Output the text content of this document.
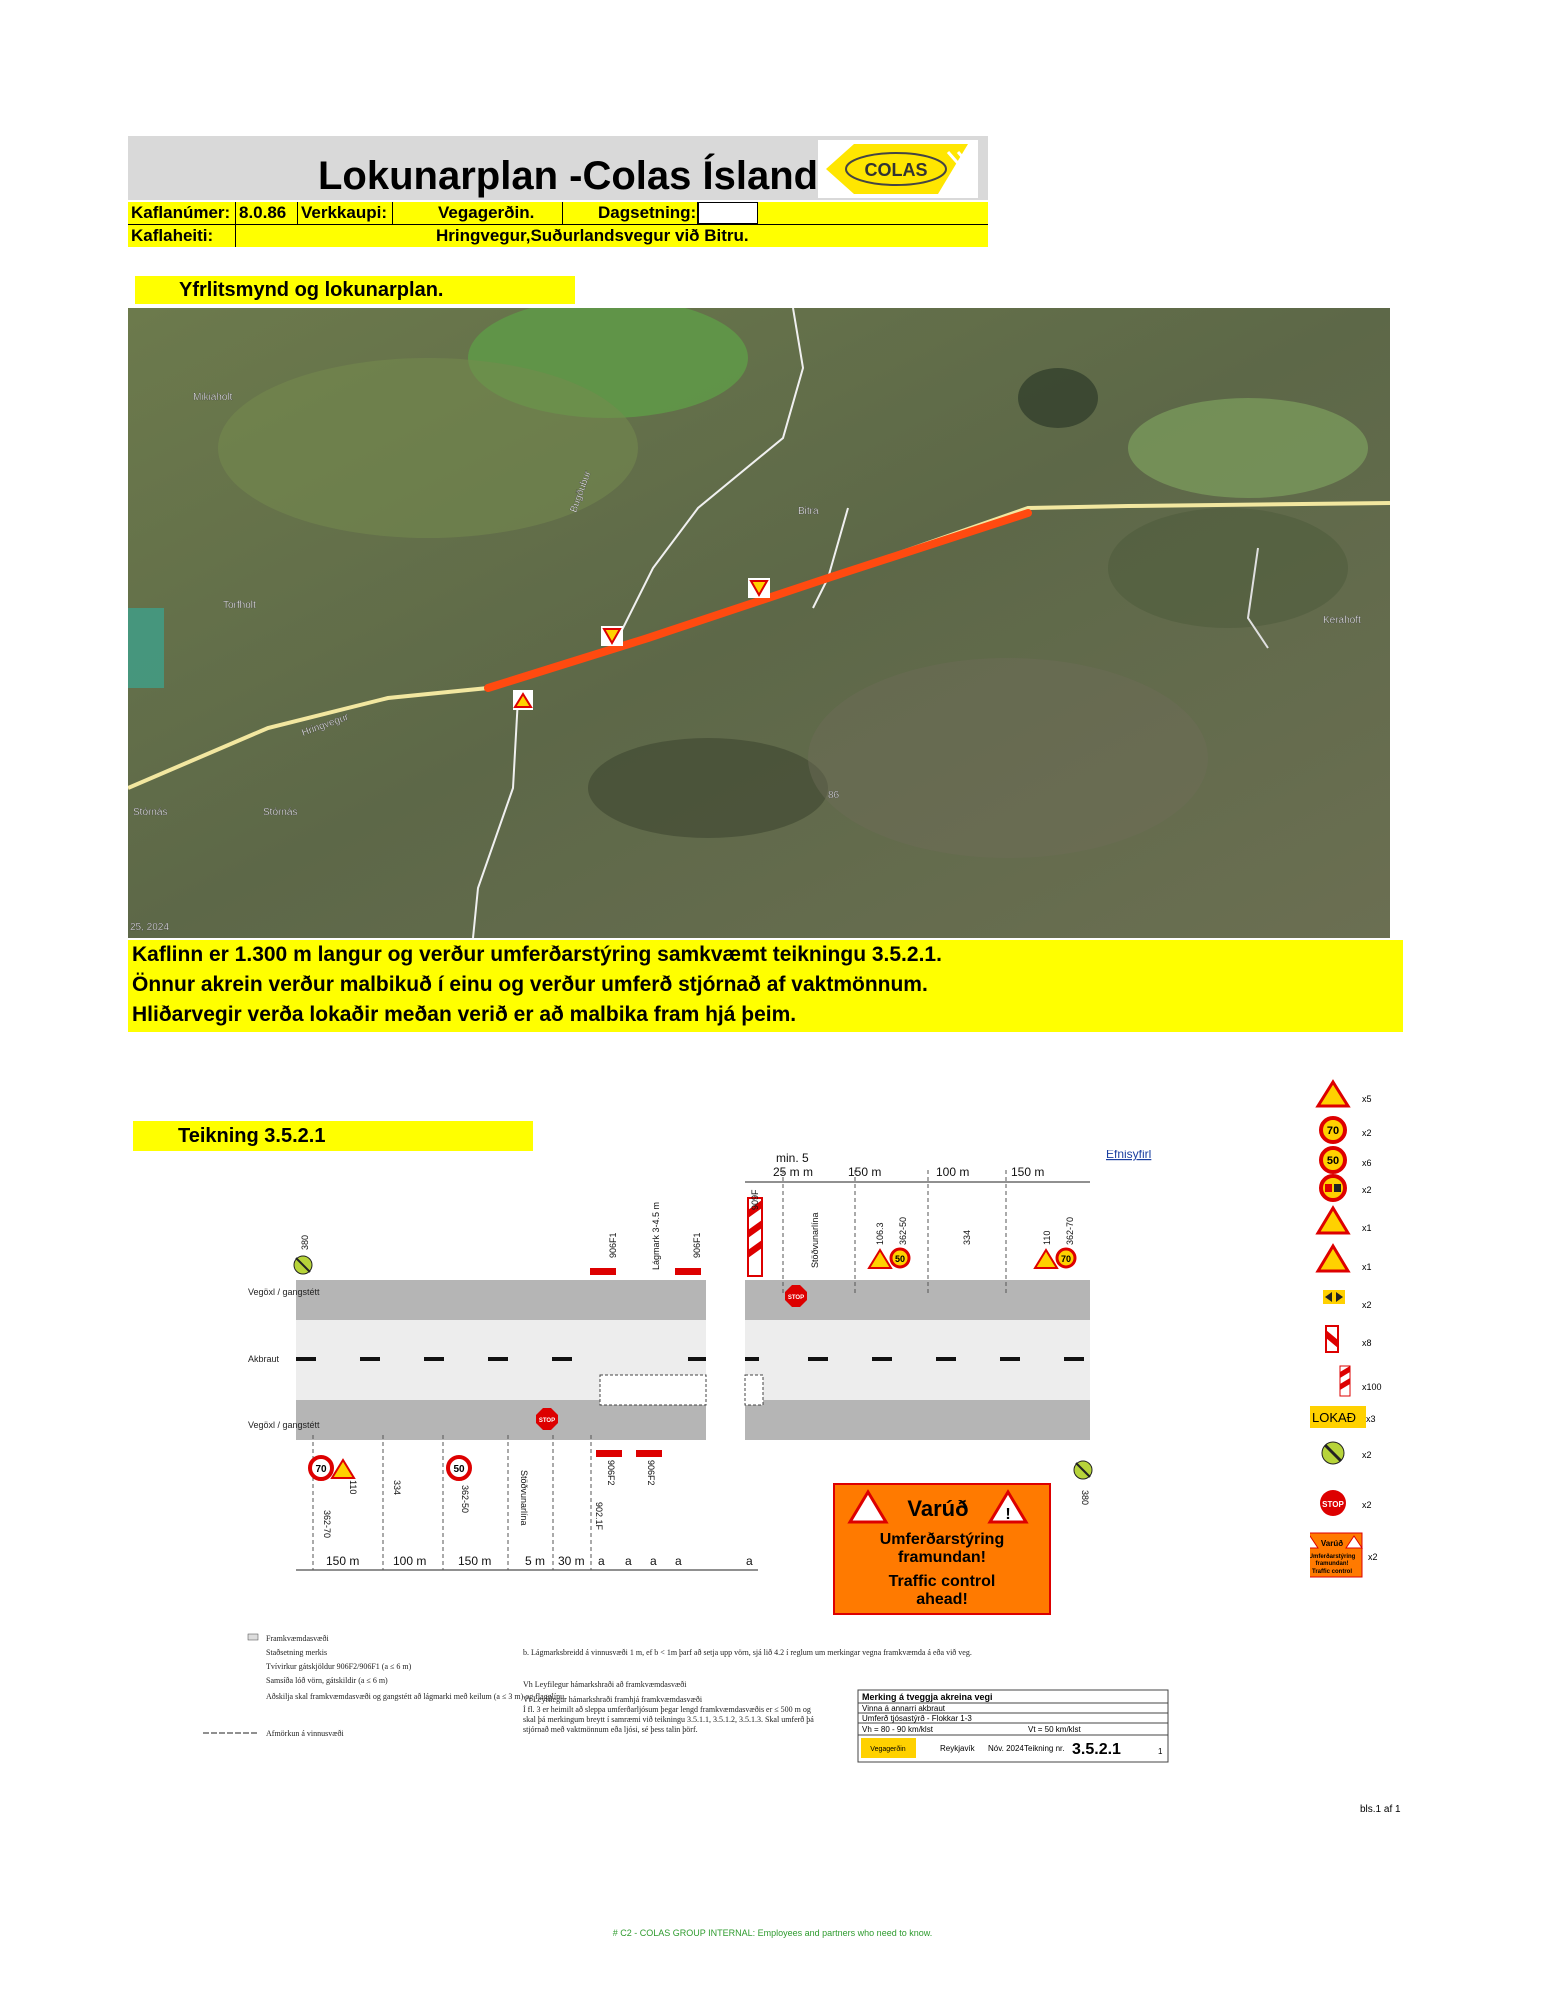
Lokunarplan -Colas Ísland	COLAS
Kaflanúmer: 8.0.86 Verkkaupi:	Vegagerðin.	Dagsetning:
Kaflaheiti:	Hringvegur,Suðurlandsvegur við Bitru.
Yfrlitsmynd og lokunarplan.
Mikiaholt
Torfholt
Hringvegur
Stórnás	Stórnás
Bitra
Bugðubur
Kerahoft
86
25, 2024
Kaflinn er 1.300 m langur og verður umferðarstýring samkvæmt teikningu 3.5.2.1.
Önnur akrein verður malbikuð í einu og verður umferð stjórnað af vaktmönnum.
Hliðarvegir verða lokaðir meðan verið er að malbika fram hjá þeim.
Teikning 3.5.2.1
Efnisyfirl
Vegöxl / gangstétt
Akbraut
Vegöxl / gangstétt
min. 5
25 m m	150 m	100 m	150 m
150 m	100 m	150 m	5 m 30 m a a a a	a
70	50
50	70
STOP
STOP
380	906F1	906F1
909F
106.3 362-50	334	110 362-70
362-70
110	334	362-50
906F2	906F2
902.1F
380
Lágmark 3-4.5 m
Stöðvunarlína
Stöðvunarlína
!
Varúð
Umferðarstýring
framundan!
Traffic control
ahead!
Framkvæmdasvæði
Staðsetning merkis
Tvívirkur gátskjöldur 906F2/906F1 (a ≤ 6 m)
Samsíða lóð vörn, gátskildir (a ≤ 6 m)
Aðskilja skal framkvæmdasvæði og gangstétt að lágmarki með keilum (a ≤ 3 m) og flagglínu.
Afmörkun á vinnusvæði
b. Lágmarksbreidd á vinnusvæði 1 m, ef b < 1m þarf að setja upp vörn, sjá lið 4.2 í reglum um merkingar vegna framkvæmda á eða við veg.
Vh Leyfilegur hámarkshraði að framkvæmdasvæði
Vt Leyfilegur hámarkshraði framhjá framkvæmdasvæði
Í fl. 3 er heimilt að sleppa umferðarljósum þegar lengd framkvæmdasvæðis er ≤ 500 m og skal þá merkingum breytt í samræmi við teikningu 3.5.1.1, 3.5.1.2, 3.5.1.3. Skal umferð þá stjórnað með vaktmönnum eða ljósi, sé þess talin þörf.
Merking á tveggja akreina vegi
Vinna á annarri akbraut
Umferð tjósastýrð - Flokkar 1-3
Vh = 80 - 90 km/klst	Vt = 50 km/klst
Vegagerðin	Reykjavík Nóv. 2024 Teikning nr. 3.5.2.1	1
x5
70	x2
50	x6
x2
x1
x1
x2
x8
x100
LOKAÐ x3
x2
STOP x2
Varúð
Umferðarstýring
framundan!
Traffic control
x2
bls.1 af 1
# C2 - COLAS GROUP INTERNAL: Employees and partners who need to know.
